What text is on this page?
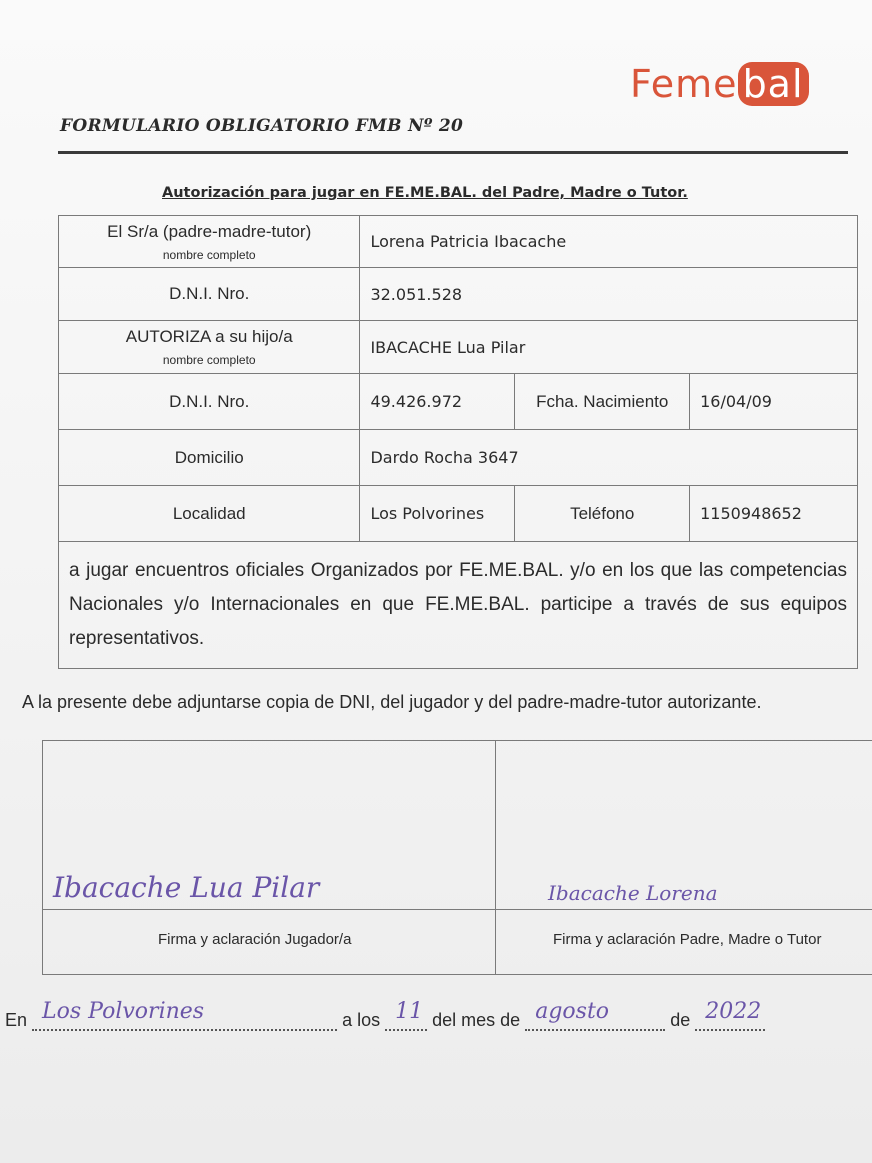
Feme bal
FORMULARIO OBLIGATORIO FMB Nº 20
Autorización para jugar en FE.ME.BAL. del Padre, Madre o Tutor.
El Sr/a (padre-madre-tutor)
nombre completo	Lorena Patricia Ibacache		
D.N.I. Nro.	32.051.528		
AUTORIZA a su hijo/a
nombre completo	IBACACHE Lua Pilar		
D.N.I. Nro.	49.426.972	Fcha. Nacimiento	16/04/09
Domicilio	Dardo Rocha 3647		
Localidad	Los Polvorines	Teléfono	1150948652
a jugar encuentros oficiales Organizados por FE.ME.BAL. y/o en los que las competencias Nacionales y/o Internacionales en que FE.ME.BAL. participe a través de sus equipos representativos.			
A la presente debe adjuntarse copia de DNI, del jugador y del padre-madre-tutor autorizante.
Ibacache Lua Pilar	Ibacache Lorena
Firma y aclaración Jugador/a	Firma y aclaración Padre, Madre o Tutor
En Los Polvorines	a los 11 del mes de agosto	de 2022
